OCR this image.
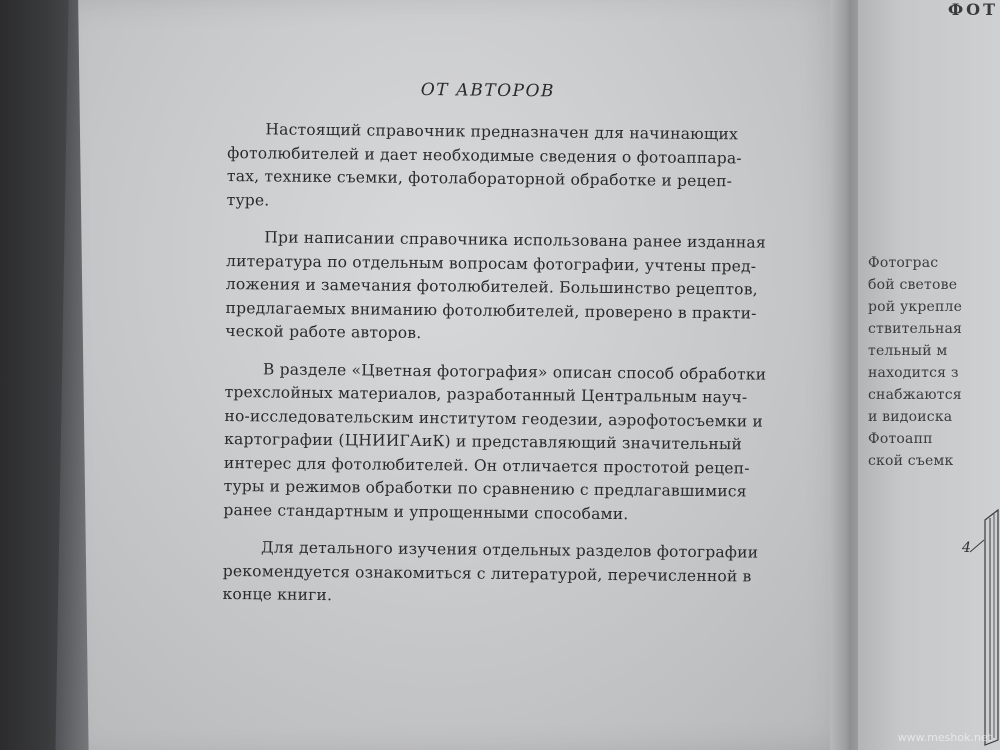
ОТ АВТОРОВ
Настоящий справочник предназначен для начинающих
фотолюбителей и дает необходимые сведения о фотоаппара-
тах, технике съемки, фотолабораторной обработке и рецеп-
туре.
При написании справочника использована ранее изданная
литература по отдельным вопросам фотографии, учтены пред-
ложения и замечания фотолюбителей. Большинство рецептов,
предлагаемых вниманию фотолюбителей, проверено в практи-
ческой работе авторов.
В разделе «Цветная фотография» описан способ обработки
трехслойных материалов, разработанный Центральным науч-
но-исследовательским институтом геодезии, аэрофотосъемки и
картографии (ЦНИИГАиК) и представляющий значительный
интерес для фотолюбителей. Он отличается простотой рецеп-
туры и режимов обработки по сравнению с предлагавшимися
ранее стандартным и упрощенными способами.
Для детального изучения отдельных разделов фотографии
рекомендуется ознакомиться с литературой, перечисленной в
конце книги.
ФОТ
Фотограс
бой светове
рой укрепле
ствительная
тельный м
находится з
снабжаются
и видоиска
Фотоапп
ской съемк
4
www.meshok.net
